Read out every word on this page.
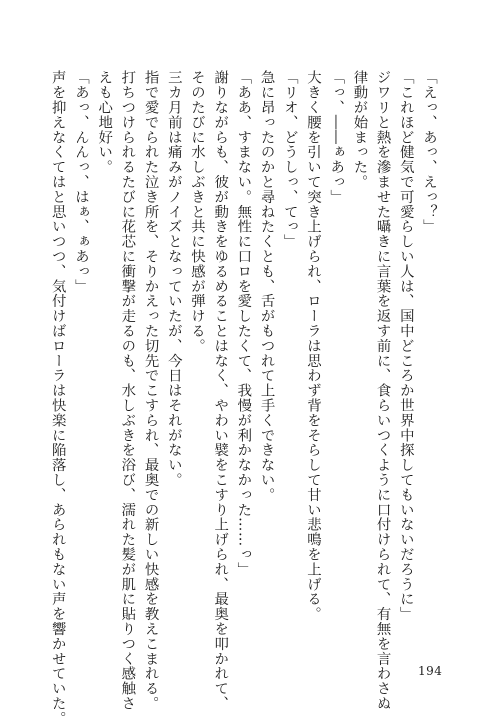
「えっ、あっ、えっ？」
「これほど健気で可愛らしい人は、国中どころか世界中探してもいないだろうに」
ジワリと熱を滲ませた囁きに言葉を返す前に、食らいつくように口付けられて、有無を言わさぬ
律動が始まった。
「っ、――ぁあっ」
大きく腰を引いて突き上げられ、ローラは思わず背をそらして甘い悲鳴を上げる。
「リオ、どうしっ、てっ」
急に昂ったのかと尋ねたくとも、舌がもつれて上手くできない。
「ああ、すまない。無性に口ロを愛したくて、我慢が利かなかった……っ」
謝りながらも、彼が動きをゆるめることはなく、やわい襞をこすり上げられ、最奥を叩かれて、
そのたびに水しぶきと共に快感が弾ける。
三カ月前は痛みがノイズとなっていたが、今日はそれがない。
指で愛でられた泣き所を、そりかえった切先でこすられ、最奥での新しい快感を教えこまれる。
打ちつけられるたびに花芯に衝撃が走るのも、水しぶきを浴び、濡れた髪が肌に貼りつく感触さ
えも心地好い。
「あっ、んんっ、はぁ、ぁあっ」
声を抑えなくてはと思いつつ、気付けばローラは快楽に陥落し、あられもない声を響かせていた。	194
